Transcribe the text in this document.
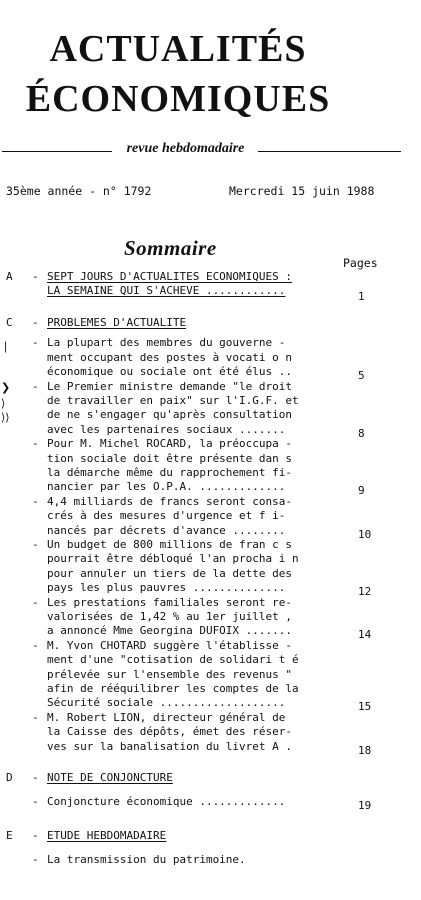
ACTUALITÉS
ÉCONOMIQUES
revue hebdomadaire
35ème année - n° 1792	Mercredi 15 juin 1988
Sommaire
Pages
A - SEPT JOURS D'ACTUALITES ECONOMIQUES :
LA SEMAINE QUI S'ACHEVE ............	1
C - PROBLEMES D'ACTUALITE
- La plupart des membres du gouverne -
ment occupant des postes à vocati o n
économique ou sociale ont été élus ..	5
- Le Premier ministre demande "le droit
de travailler en paix" sur l'I.G.F. et
de ne s'engager qu'après consultation
avec les partenaires sociaux .......	8
- Pour M. Michel ROCARD, la préoccupa -
tion sociale doit être présente dan s
la démarche même du rapprochement fi-
nancier par les O.P.A. .............	9
- 4,4 milliards de francs seront consa-
crés à des mesures d'urgence et f i-
nancés par décrets d'avance ........	10
- Un budget de 800 millions de fran c s
pourrait être débloqué l'an procha i n
pour annuler un tiers de la dette des
pays les plus pauvres ..............	12
- Les prestations familiales seront re-
valorisées de 1,42 % au 1er juillet ,
a annoncé Mme Georgina DUFOIX .......	14
- M. Yvon CHOTARD suggère l'établisse -
ment d'une "cotisation de solidari t é
prélevée sur l'ensemble des revenus "
afin de rééquilibrer les comptes de la
Sécurité sociale ...................	15
- M. Robert LION, directeur général de
la Caisse des dépôts, émet des réser-
ves sur la banalisation du livret A .	18
D - NOTE DE CONJONCTURE
- Conjoncture économique .............	19
E - ETUDE HEBDOMADAIRE
- La transmission du patrimoine.
❘
❯
⟩
⟩⟩
